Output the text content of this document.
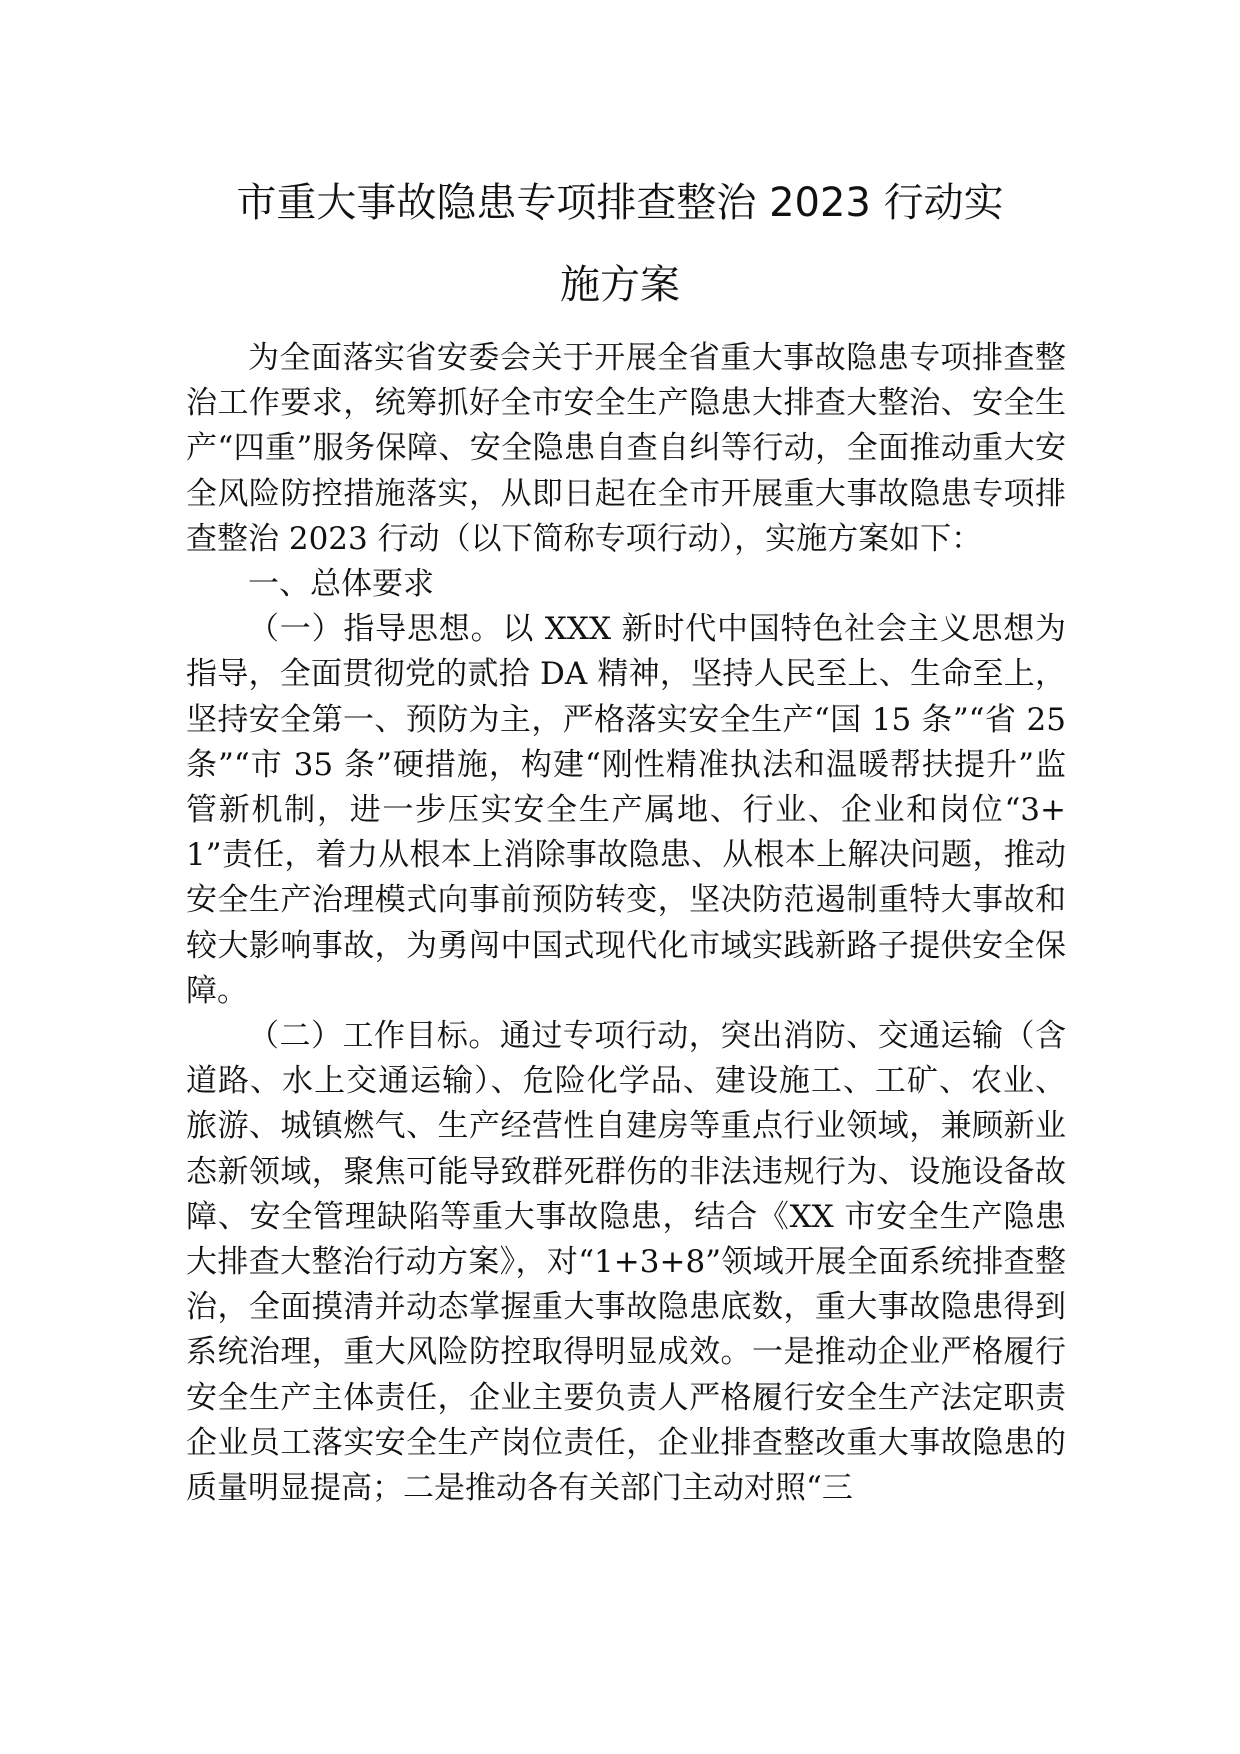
市重大事故隐患专项排查整治 2023 行动实
施方案

为全面落实省安委会关于开展全省重大事故隐患专项排查整治工作要求，统筹抓好全市安全生产隐患大排查大整治、安全生产“四重”服务保障、安全隐患自查自纠等行动，全面推动重大安全风险防控措施落实，从即日起在全市开展重大事故隐患专项排查整治 2023 行动（以下简称专项行动），实施方案如下：

一、总体要求

（一）指导思想。以 XXX 新时代中国特色社会主义思想为指导，全面贯彻党的贰拾 DA 精神，坚持人民至上、生命至上，坚持安全第一、预防为主，严格落实安全生产“国 15 条”“省 25 条”“市 35 条”硬措施，构建“刚性精准执法和温暖帮扶提升”监管新机制，进一步压实安全生产属地、行业、企业和岗位“3+1”责任，着力从根本上消除事故隐患、从根本上解决问题，推动安全生产治理模式向事前预防转变，坚决防范遏制重特大事故和较大影响事故，为勇闯中国式现代化市域实践新路子提供安全保障。

（二）工作目标。通过专项行动，突出消防、交通运输（含道路、水上交通运输）、危险化学品、建设施工、工矿、农业、旅游、城镇燃气、生产经营性自建房等重点行业领域，兼顾新业态新领域，聚焦可能导致群死群伤的非法违规行为、设施设备故障、安全管理缺陷等重大事故隐患，结合《XX 市安全生产隐患大排查大整治行动方案》，对“1+3+8”领域开展全面系统排查整治，全面摸清并动态掌握重大事故隐患底数，重大事故隐患得到系统治理，重大风险防控取得明显成效。一是推动企业严格履行安全生产主体责任，企业主要负责人严格履行安全生产法定职责企业员工落实安全生产岗位责任，企业排查整改重大事故隐患的质量明显提高；二是推动各有关部门主动对照“三
